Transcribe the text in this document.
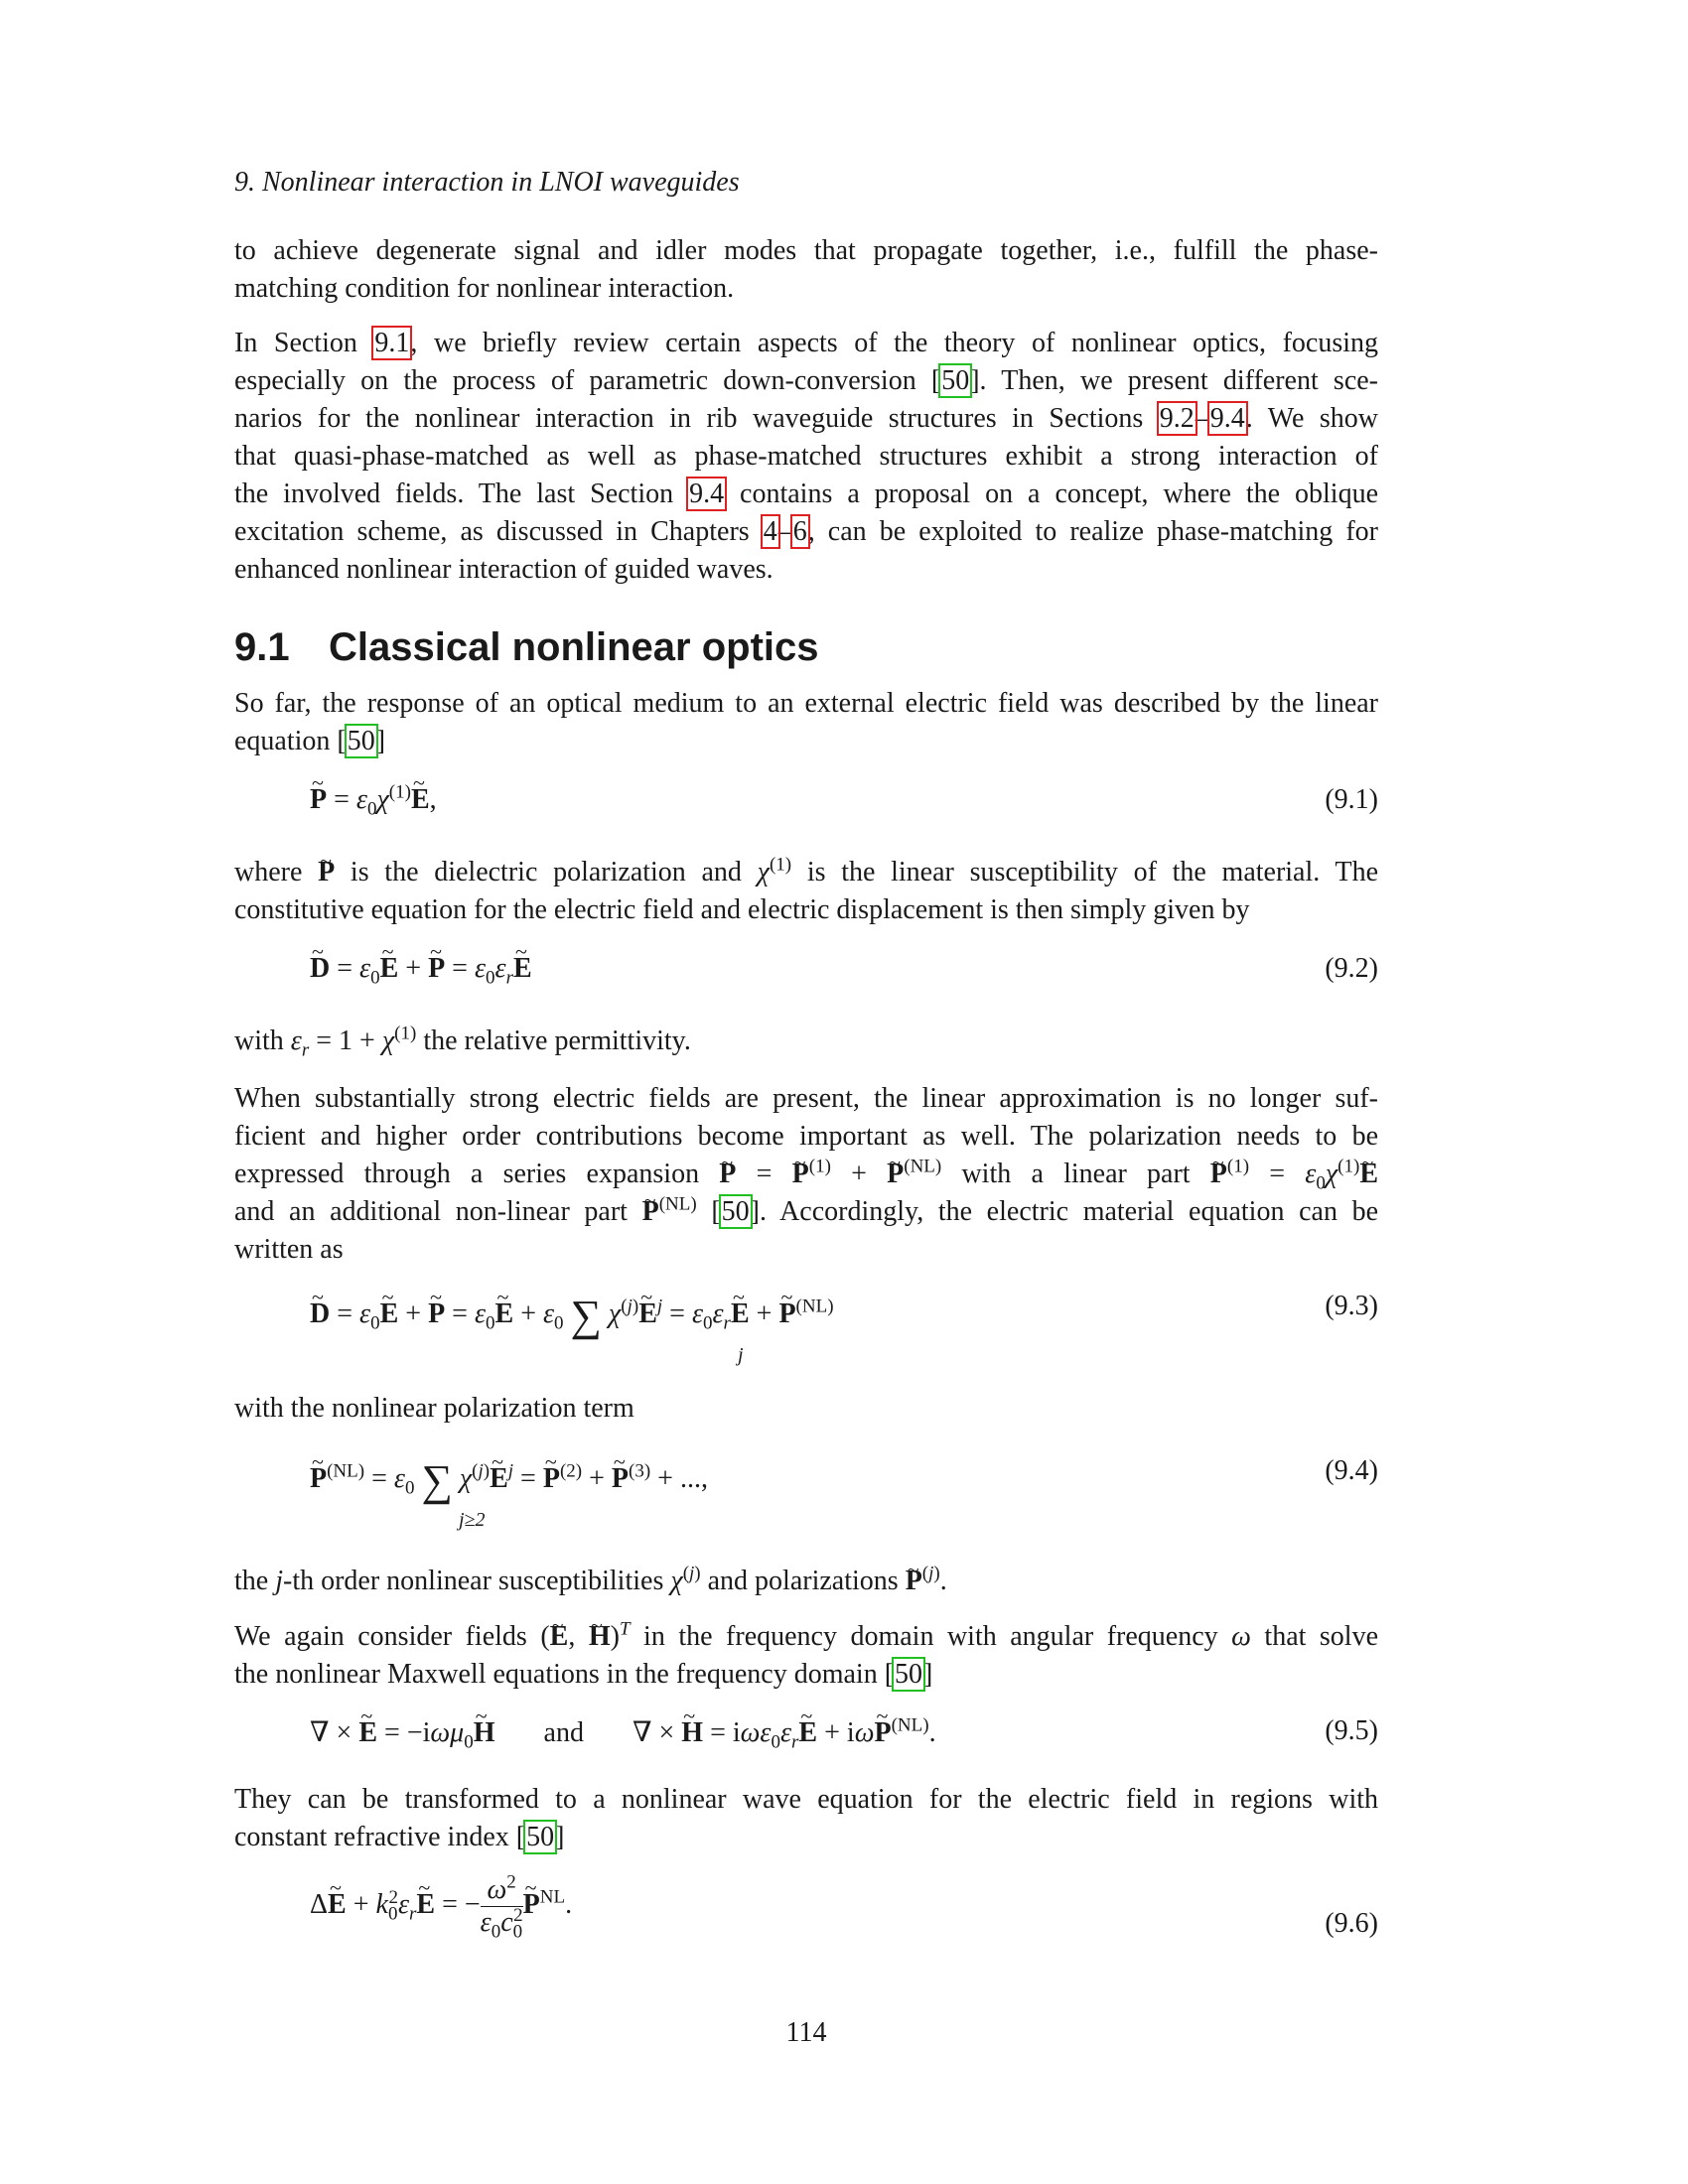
9. Nonlinear interaction in LNOI waveguides
to achieve degenerate signal and idler modes that propagate together, i.e., fulfill the phase-
matching condition for nonlinear interaction.
In Section 9.1, we briefly review certain aspects of the theory of nonlinear optics, focusing
especially on the process of parametric down-conversion [50]. Then, we present different sce-
narios for the nonlinear interaction in rib waveguide structures in Sections 9.2–9.4. We show
that quasi-phase-matched as well as phase-matched structures exhibit a strong interaction of
the involved fields. The last Section 9.4 contains a proposal on a concept, where the oblique
excitation scheme, as discussed in Chapters 4–6, can be exploited to realize phase-matching for
enhanced nonlinear interaction of guided waves.
9.1 Classical nonlinear optics
So far, the response of an optical medium to an external electric field was described by the linear
equation [50]
~ $P = \varepsilon_0\chi^{(1)}\sim$ E,	(9.1)
where ~ P is the dielectric polarization and $\chi^{(1)}$ is the linear susceptibility of the material. The
constitutive equation for the electric field and electric displacement is then simply given by
~ $D = \varepsilon_0\sim$ E + ~ $P = \varepsilon_0\varepsilon_r\sim$ E	(9.2)
with $\varepsilon_r = 1 + \chi^{(1)}$ the relative permittivity.
When substantially strong electric fields are present, the linear approximation is no longer suf-
ficient and higher order contributions become important as well. The polarization needs to be
expressed through a series expansion ~ P = ~ $P^{(1)}$ + ~ $P^{(NL)}$ with a linear part ~ $P^{(1)}$ = $\varepsilon_0\chi^{(1)}\sim$ E
and an additional non-linear part ~ $P^{(NL)}$ [50]. Accordingly, the electric material equation can be
written as
~ $D = \varepsilon_0\sim$ E + ~ $P = \varepsilon_0\sim$ $E + \varepsilon_0$ ∑ $\chi^{(j)}\sim$ $E^j$ = $\varepsilon_0\varepsilon_r\sim$ E + ~ $P^{(NL)}$
j
(9.3)
with the nonlinear polarization term
~ $P^{(NL)} = \varepsilon_0$ ∑ $\chi^{(j)}\sim$ $E^j$ = ~ $P^{(2)}$ + ~ $P^{(3)}$ + ...,
j≥2
(9.4)
the j-th order nonlinear susceptibilities $\chi^{(j)}$ and polarizations ~ $P^{(j)}$.
We again consider fields (~ E, ~ H)$^T$ in the frequency domain with angular frequency ω that solve
the nonlinear Maxwell equations in the frequency domain [50]
∇ × ~ E = −iωμ$_0$~ H and       ∇ × ~ $H = i\omega\varepsilon_0\varepsilon_r\sim$ E + iω~ $P^{(NL)}$.	(9.5)
They can be transformed to a nonlinear wave equation for the electric field in regions with
constant refractive index [50]
Δ~ $E + k_0^2\varepsilon_r\sim$ E = − $\frac{\omega^2}{\varepsilon_0c_0^2}$
~ $P^{NL}$.
(9.6)
114
